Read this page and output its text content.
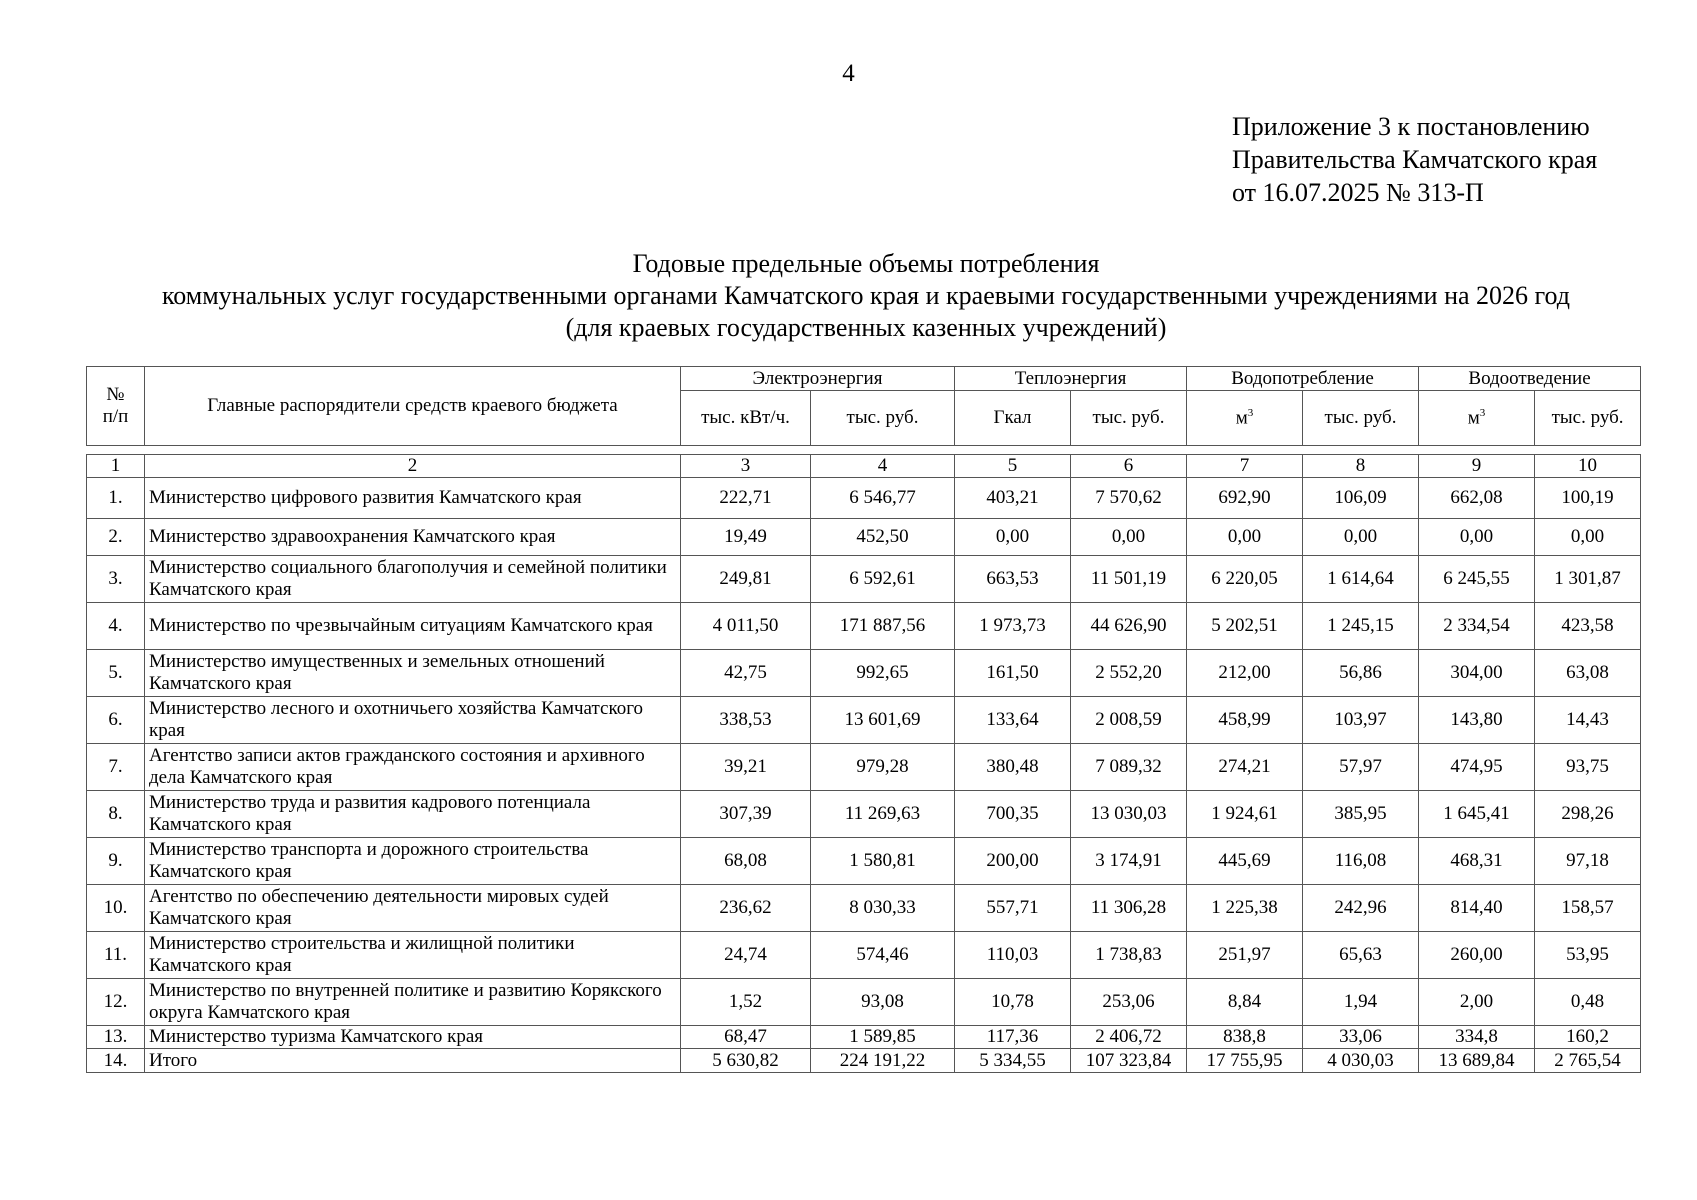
4
Приложение 3 к постановлению
Правительства Камчатского края
от 16.07.2025 № 313-П
Годовые предельные объемы потребления
коммунальных услуг государственными органами Камчатского края и краевыми государственными учреждениями на 2026 год
(для краевых государственных казенных учреждений)
№
п/п	Главные распорядители средств краевого бюджета	Электроэнергия		Теплоэнергия		Водопотребление		Водоотведение	
		тыс. кВт/ч.	тыс. руб.	Гкал	тыс. руб.	$м^3$	тыс. руб.	$м^3$	тыс. руб.
1	2	3	4	5	6	7	8	9	10
1.	Министерство цифрового развития Камчатского края	222,71	6 546,77	403,21	7 570,62	692,90	106,09	662,08	100,19
2.	Министерство здравоохранения Камчатского края	19,49	452,50	0,00	0,00	0,00	0,00	0,00	0,00
3.	Министерство социального благополучия и семейной политики Камчатского края	249,81	6 592,61	663,53	11 501,19	6 220,05	1 614,64	6 245,55	1 301,87
4.	Министерство по чрезвычайным ситуациям Камчатского края	4 011,50	171 887,56	1 973,73	44 626,90	5 202,51	1 245,15	2 334,54	423,58
5.	Министерство имущественных и земельных отношений Камчатского края	42,75	992,65	161,50	2 552,20	212,00	56,86	304,00	63,08
6.	Министерство лесного и охотничьего хозяйства Камчатского края	338,53	13 601,69	133,64	2 008,59	458,99	103,97	143,80	14,43
7.	Агентство записи актов гражданского состояния и архивного дела Камчатского края	39,21	979,28	380,48	7 089,32	274,21	57,97	474,95	93,75
8.	Министерство труда и развития кадрового потенциала Камчатского края	307,39	11 269,63	700,35	13 030,03	1 924,61	385,95	1 645,41	298,26
9.	Министерство транспорта и дорожного строительства Камчатского края	68,08	1 580,81	200,00	3 174,91	445,69	116,08	468,31	97,18
10.	Агентство по обеспечению деятельности мировых судей Камчатского края	236,62	8 030,33	557,71	11 306,28	1 225,38	242,96	814,40	158,57
11.	Министерство строительства и жилищной политики Камчатского края	24,74	574,46	110,03	1 738,83	251,97	65,63	260,00	53,95
12.	Министерство по внутренней политике и развитию Корякского округа Камчатского края	1,52	93,08	10,78	253,06	8,84	1,94	2,00	0,48
13.	Министерство туризма Камчатского края	68,47	1 589,85	117,36	2 406,72	838,8	33,06	334,8	160,2
14.	Итого	5 630,82	224 191,22	5 334,55	107 323,84	17 755,95	4 030,03	13 689,84	2 765,54
